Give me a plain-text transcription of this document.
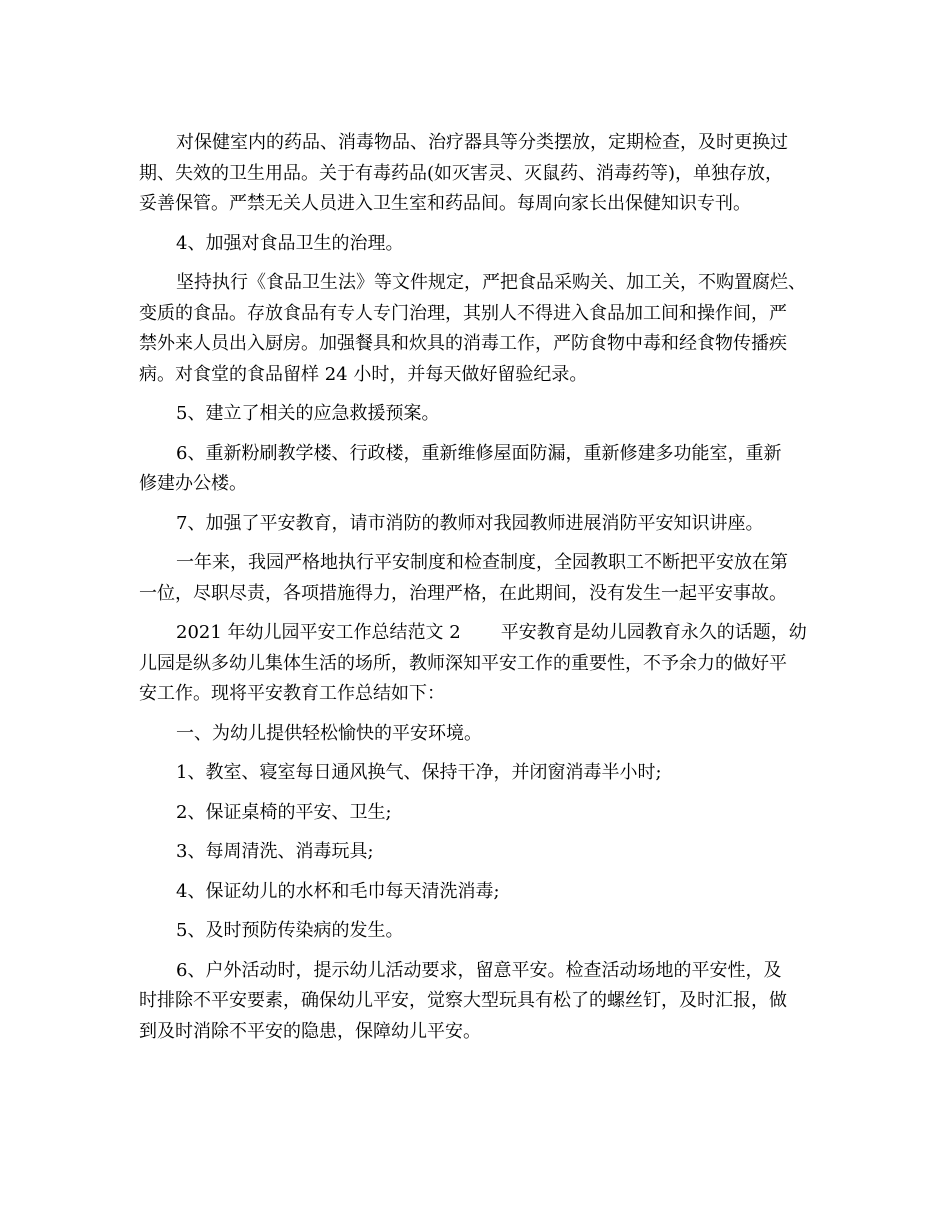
对保健室内的药品、消毒物品、治疗器具等分类摆放，定期检查，及时更换过
期、失效的卫生用品。关于有毒药品(如灭害灵、灭鼠药、消毒药等)，单独存放，
妥善保管。严禁无关人员进入卫生室和药品间。每周向家长出保健知识专刊。

4、加强对食品卫生的治理。

坚持执行《食品卫生法》等文件规定，严把食品采购关、加工关，不购置腐烂、
变质的食品。存放食品有专人专门治理，其别人不得进入食品加工间和操作间，严
禁外来人员出入厨房。加强餐具和炊具的消毒工作，严防食物中毒和经食物传播疾
病。对食堂的食品留样 24 小时，并每天做好留验纪录。

5、建立了相关的应急救援预案。

6、重新粉刷教学楼、行政楼，重新维修屋面防漏，重新修建多功能室，重新
修建办公楼。

7、加强了平安教育，请市消防的教师对我园教师进展消防平安知识讲座。

一年来，我园严格地执行平安制度和检查制度，全园教职工不断把平安放在第
一位，尽职尽责，各项措施得力，治理严格，在此期间，没有发生一起平安事故。

2021 年幼儿园平安工作总结范文 2 平安教育是幼儿园教育永久的话题，幼
儿园是纵多幼儿集体生活的场所，教师深知平安工作的重要性，不予余力的做好平
安工作。现将平安教育工作总结如下：

一、为幼儿提供轻松愉快的平安环境。

1、教室、寝室每日通风换气、保持干净，并闭窗消毒半小时;

2、保证桌椅的平安、卫生;

3、每周清洗、消毒玩具;

4、保证幼儿的水杯和毛巾每天清洗消毒;

5、及时预防传染病的发生。

6、户外活动时，提示幼儿活动要求，留意平安。检查活动场地的平安性，及
时排除不平安要素，确保幼儿平安，觉察大型玩具有松了的螺丝钉，及时汇报，做
到及时消除不平安的隐患，保障幼儿平安。
